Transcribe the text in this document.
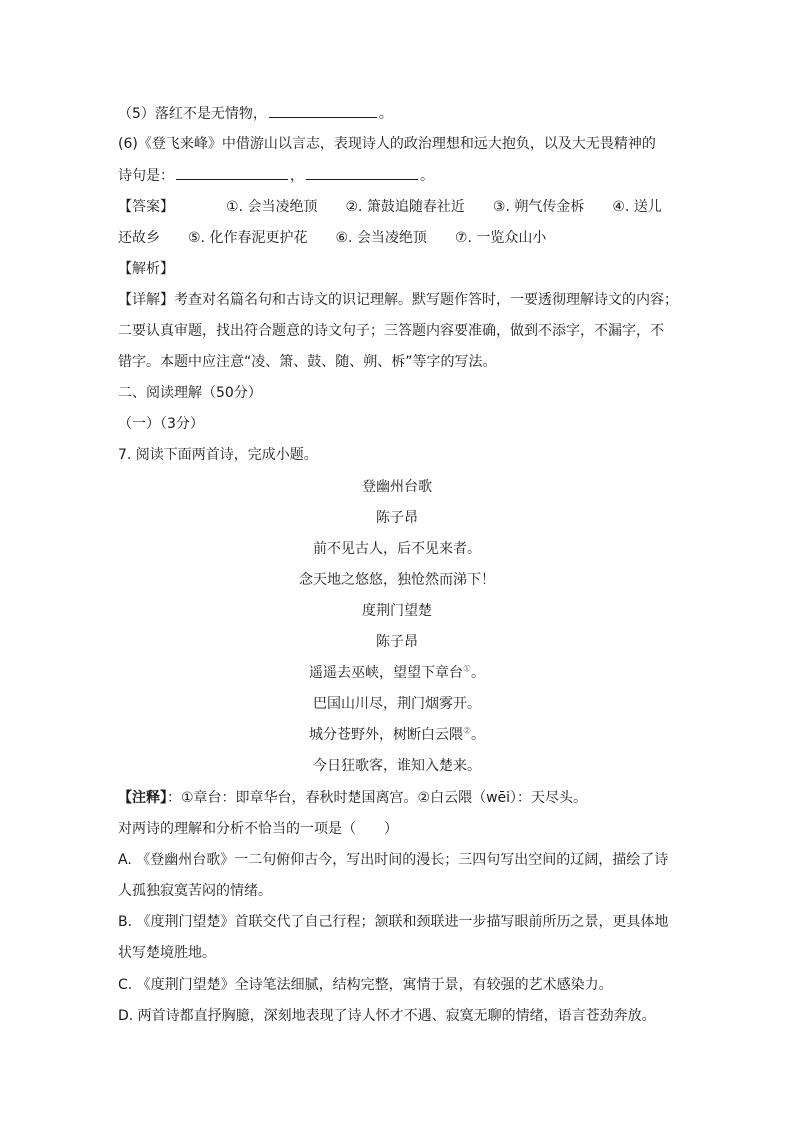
（5）落红不是无情物，	。
(6)《登飞来峰》中借游山以言志，表现诗人的政治理想和远大抱负，以及大无畏精神的
诗句是：	，	。
【答案】	①. 会当凌绝顶 ②. 箫鼓追随春社近 ③. 朔气传金柝 ④. 送儿
还故乡 ⑤. 化作春泥更护花 ⑥. 会当凌绝顶 ⑦. 一览众山小
【解析】
【详解】考查对名篇名句和古诗文的识记理解。默写题作答时，一要透彻理解诗文的内容；
二要认真审题，找出符合题意的诗文句子；三答题内容要准确，做到不添字，不漏字，不
错字。本题中应注意“凌、箫、鼓、随、朔、柝”等字的写法。
二、阅读理解（50分）
（一）（3分）
7. 阅读下面两首诗，完成小题。
登幽州台歌
陈子昂
前不见古人，后不见来者。
念天地之悠悠，独怆然而涕下！
度荆门望楚
陈子昂
遥遥去巫峡，望望下章台①。
巴国山川尽，荆门烟雾开。
城分苍野外，树断白云隈②。
今日狂歌客，谁知入楚来。
【注释】：①章台：即章华台，春秋时楚国离宫。②白云隈（wēi）：天尽头。
对两诗的理解和分析不恰当的一项是（　　）
A. 《登幽州台歌》一二句俯仰古今，写出时间的漫长；三四句写出空间的辽阔，描绘了诗
人孤独寂寞苦闷的情绪。
B. 《度荆门望楚》首联交代了自己行程；颔联和颈联进一步描写眼前所历之景，更具体地
状写楚境胜地。
C. 《度荆门望楚》全诗笔法细腻，结构完整，寓情于景，有较强的艺术感染力。
D. 两首诗都直抒胸臆，深刻地表现了诗人怀才不遇、寂寞无聊的情绪，语言苍劲奔放。
